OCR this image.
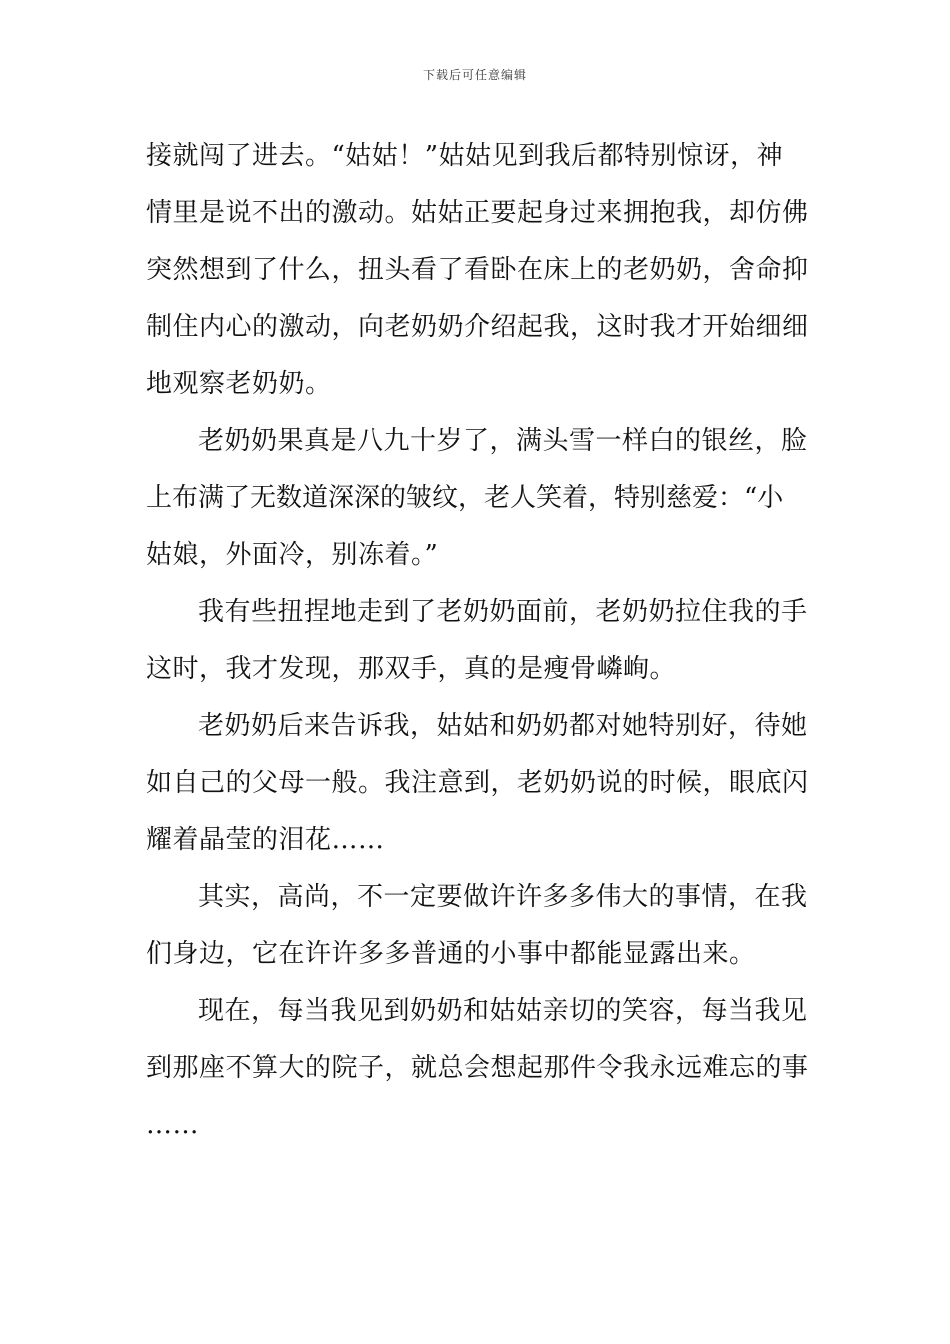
下载后可任意编辑
接就闯了进去。“姑姑！”姑姑见到我后都特别惊讶，神
情里是说不出的激动。姑姑正要起身过来拥抱我，却仿佛
突然想到了什么，扭头看了看卧在床上的老奶奶，舍命抑
制住内心的激动，向老奶奶介绍起我，这时我才开始细细
地观察老奶奶。
老奶奶果真是八九十岁了，满头雪一样白的银丝，脸
上布满了无数道深深的皱纹，老人笑着，特别慈爱：“小
姑娘，外面冷，别冻着。”
我有些扭捏地走到了老奶奶面前，老奶奶拉住我的手
这时，我才发现，那双手，真的是瘦骨嶙峋。
老奶奶后来告诉我，姑姑和奶奶都对她特别好，待她
如自己的父母一般。我注意到，老奶奶说的时候，眼底闪
耀着晶莹的泪花……
其实，高尚，不一定要做许许多多伟大的事情，在我
们身边，它在许许多多普通的小事中都能显露出来。
现在，每当我见到奶奶和姑姑亲切的笑容，每当我见
到那座不算大的院子，就总会想起那件令我永远难忘的事
……
